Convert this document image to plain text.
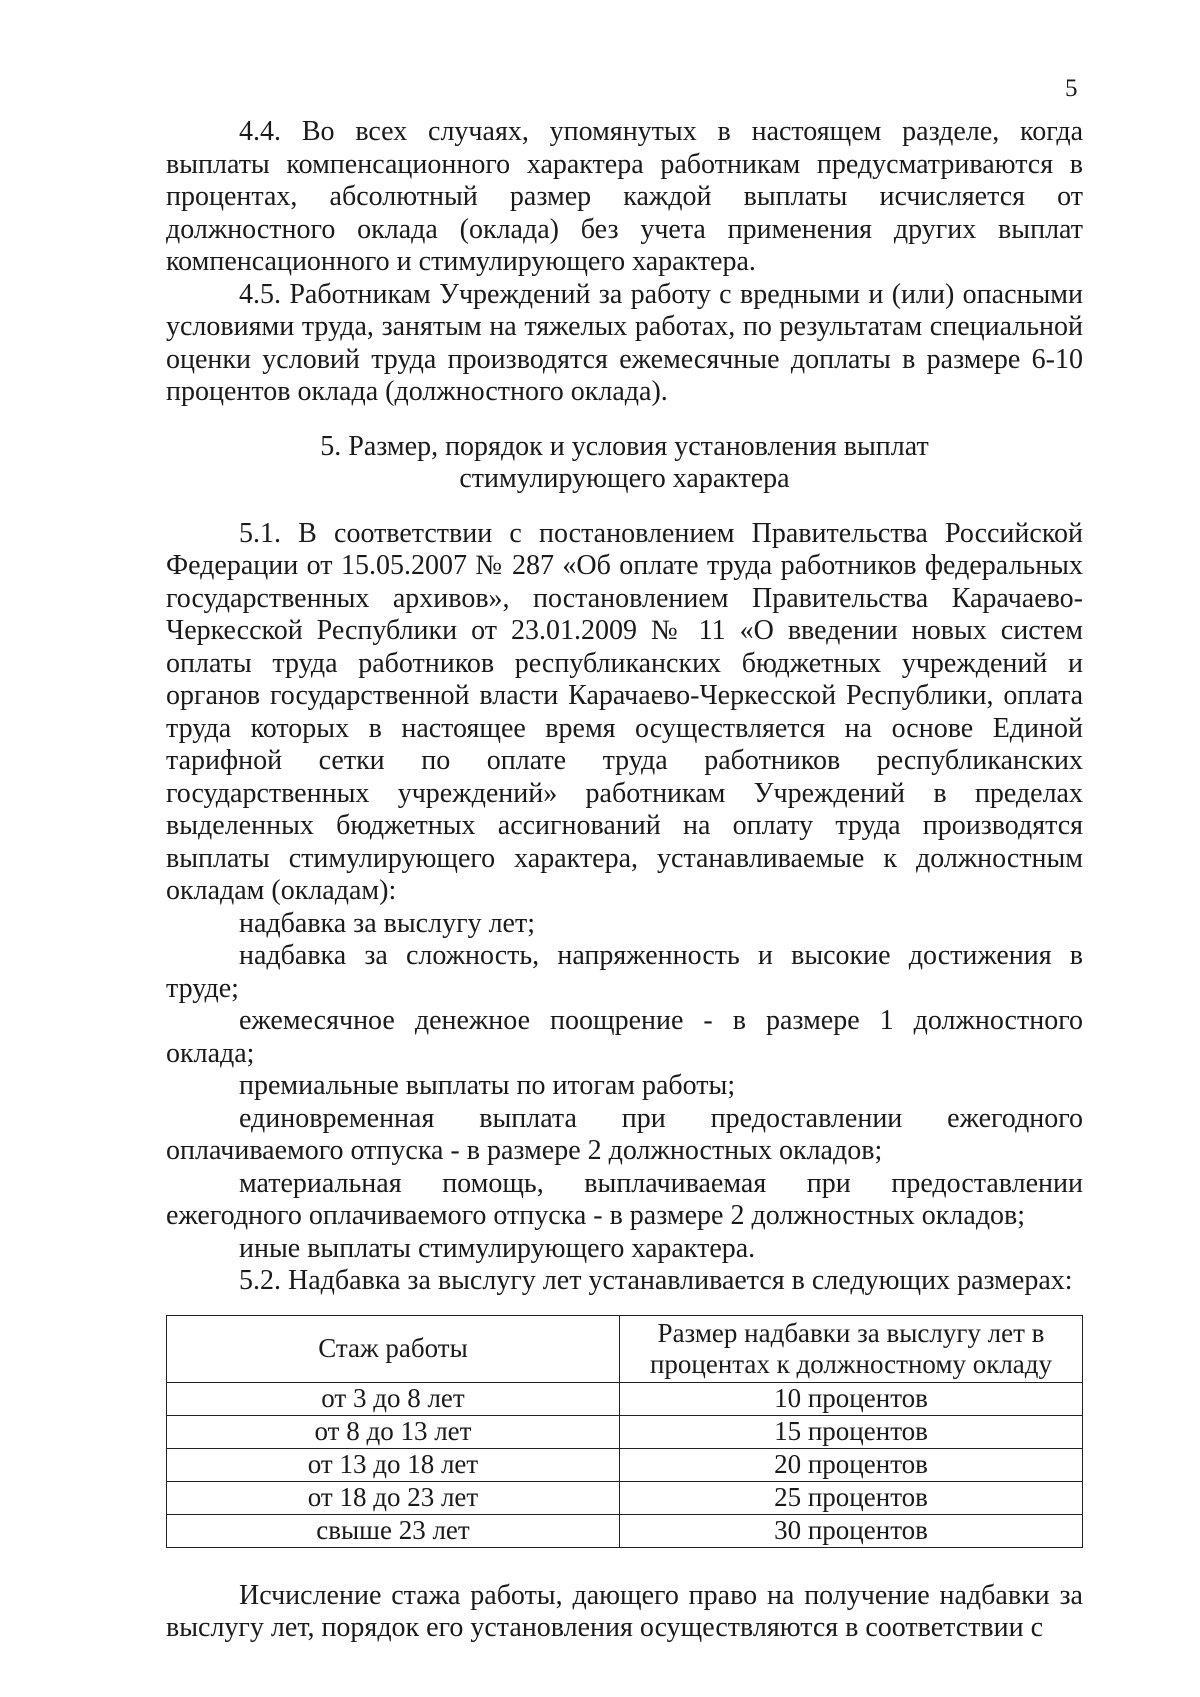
5

4.4. Во всех случаях, упомянутых в настоящем разделе, когда выплаты компенсационного характера работникам предусматриваются в процентах, абсолютный размер каждой выплаты исчисляется от должностного оклада (оклада) без учета применения других выплат компенсационного и стимулирующего характера.

4.5. Работникам Учреждений за работу с вредными и (или) опасными условиями труда, занятым на тяжелых работах, по результатам специальной оценки условий труда производятся ежемесячные доплаты в размере 6-10 процентов оклада (должностного оклада).

5. Размер, порядок и условия установления выплат
стимулирующего характера

5.1. В соответствии с постановлением Правительства Российской Федерации от 15.05.2007 № 287 «Об оплате труда работников федеральных государственных архивов», постановлением Правительства Карачаево-Черкесской Республики от 23.01.2009 № 11 «О введении новых систем оплаты труда работников республиканских бюджетных учреждений и органов государственной власти Карачаево-Черкесской Республики, оплата труда которых в настоящее время осуществляется на основе Единой тарифной сетки по оплате труда работников республиканских государственных учреждений» работникам Учреждений в пределах выделенных бюджетных ассигнований на оплату труда производятся выплаты стимулирующего характера, устанавливаемые к должностным окладам (окладам):

надбавка за выслугу лет;

надбавка за сложность, напряженность и высокие достижения в труде;

ежемесячное денежное поощрение - в размере 1 должностного оклада;

премиальные выплаты по итогам работы;

единовременная выплата при предоставлении ежегодного оплачиваемого отпуска - в размере 2 должностных окладов;

материальная помощь, выплачиваемая при предоставлении ежегодного оплачиваемого отпуска - в размере 2 должностных окладов;

иные выплаты стимулирующего характера.

5.2. Надбавка за выслугу лет устанавливается в следующих размерах:

Стаж работы	Размер надбавки за выслугу лет в
процентах к должностному окладу
от 3 до 8 лет	10 процентов
от 8 до 13 лет	15 процентов
от 13 до 18 лет	20 процентов
от 18 до 23 лет	25 процентов
свыше 23 лет	30 процентов

Исчисление стажа работы, дающего право на получение надбавки за выслугу лет, порядок его установления осуществляются в соответствии с
